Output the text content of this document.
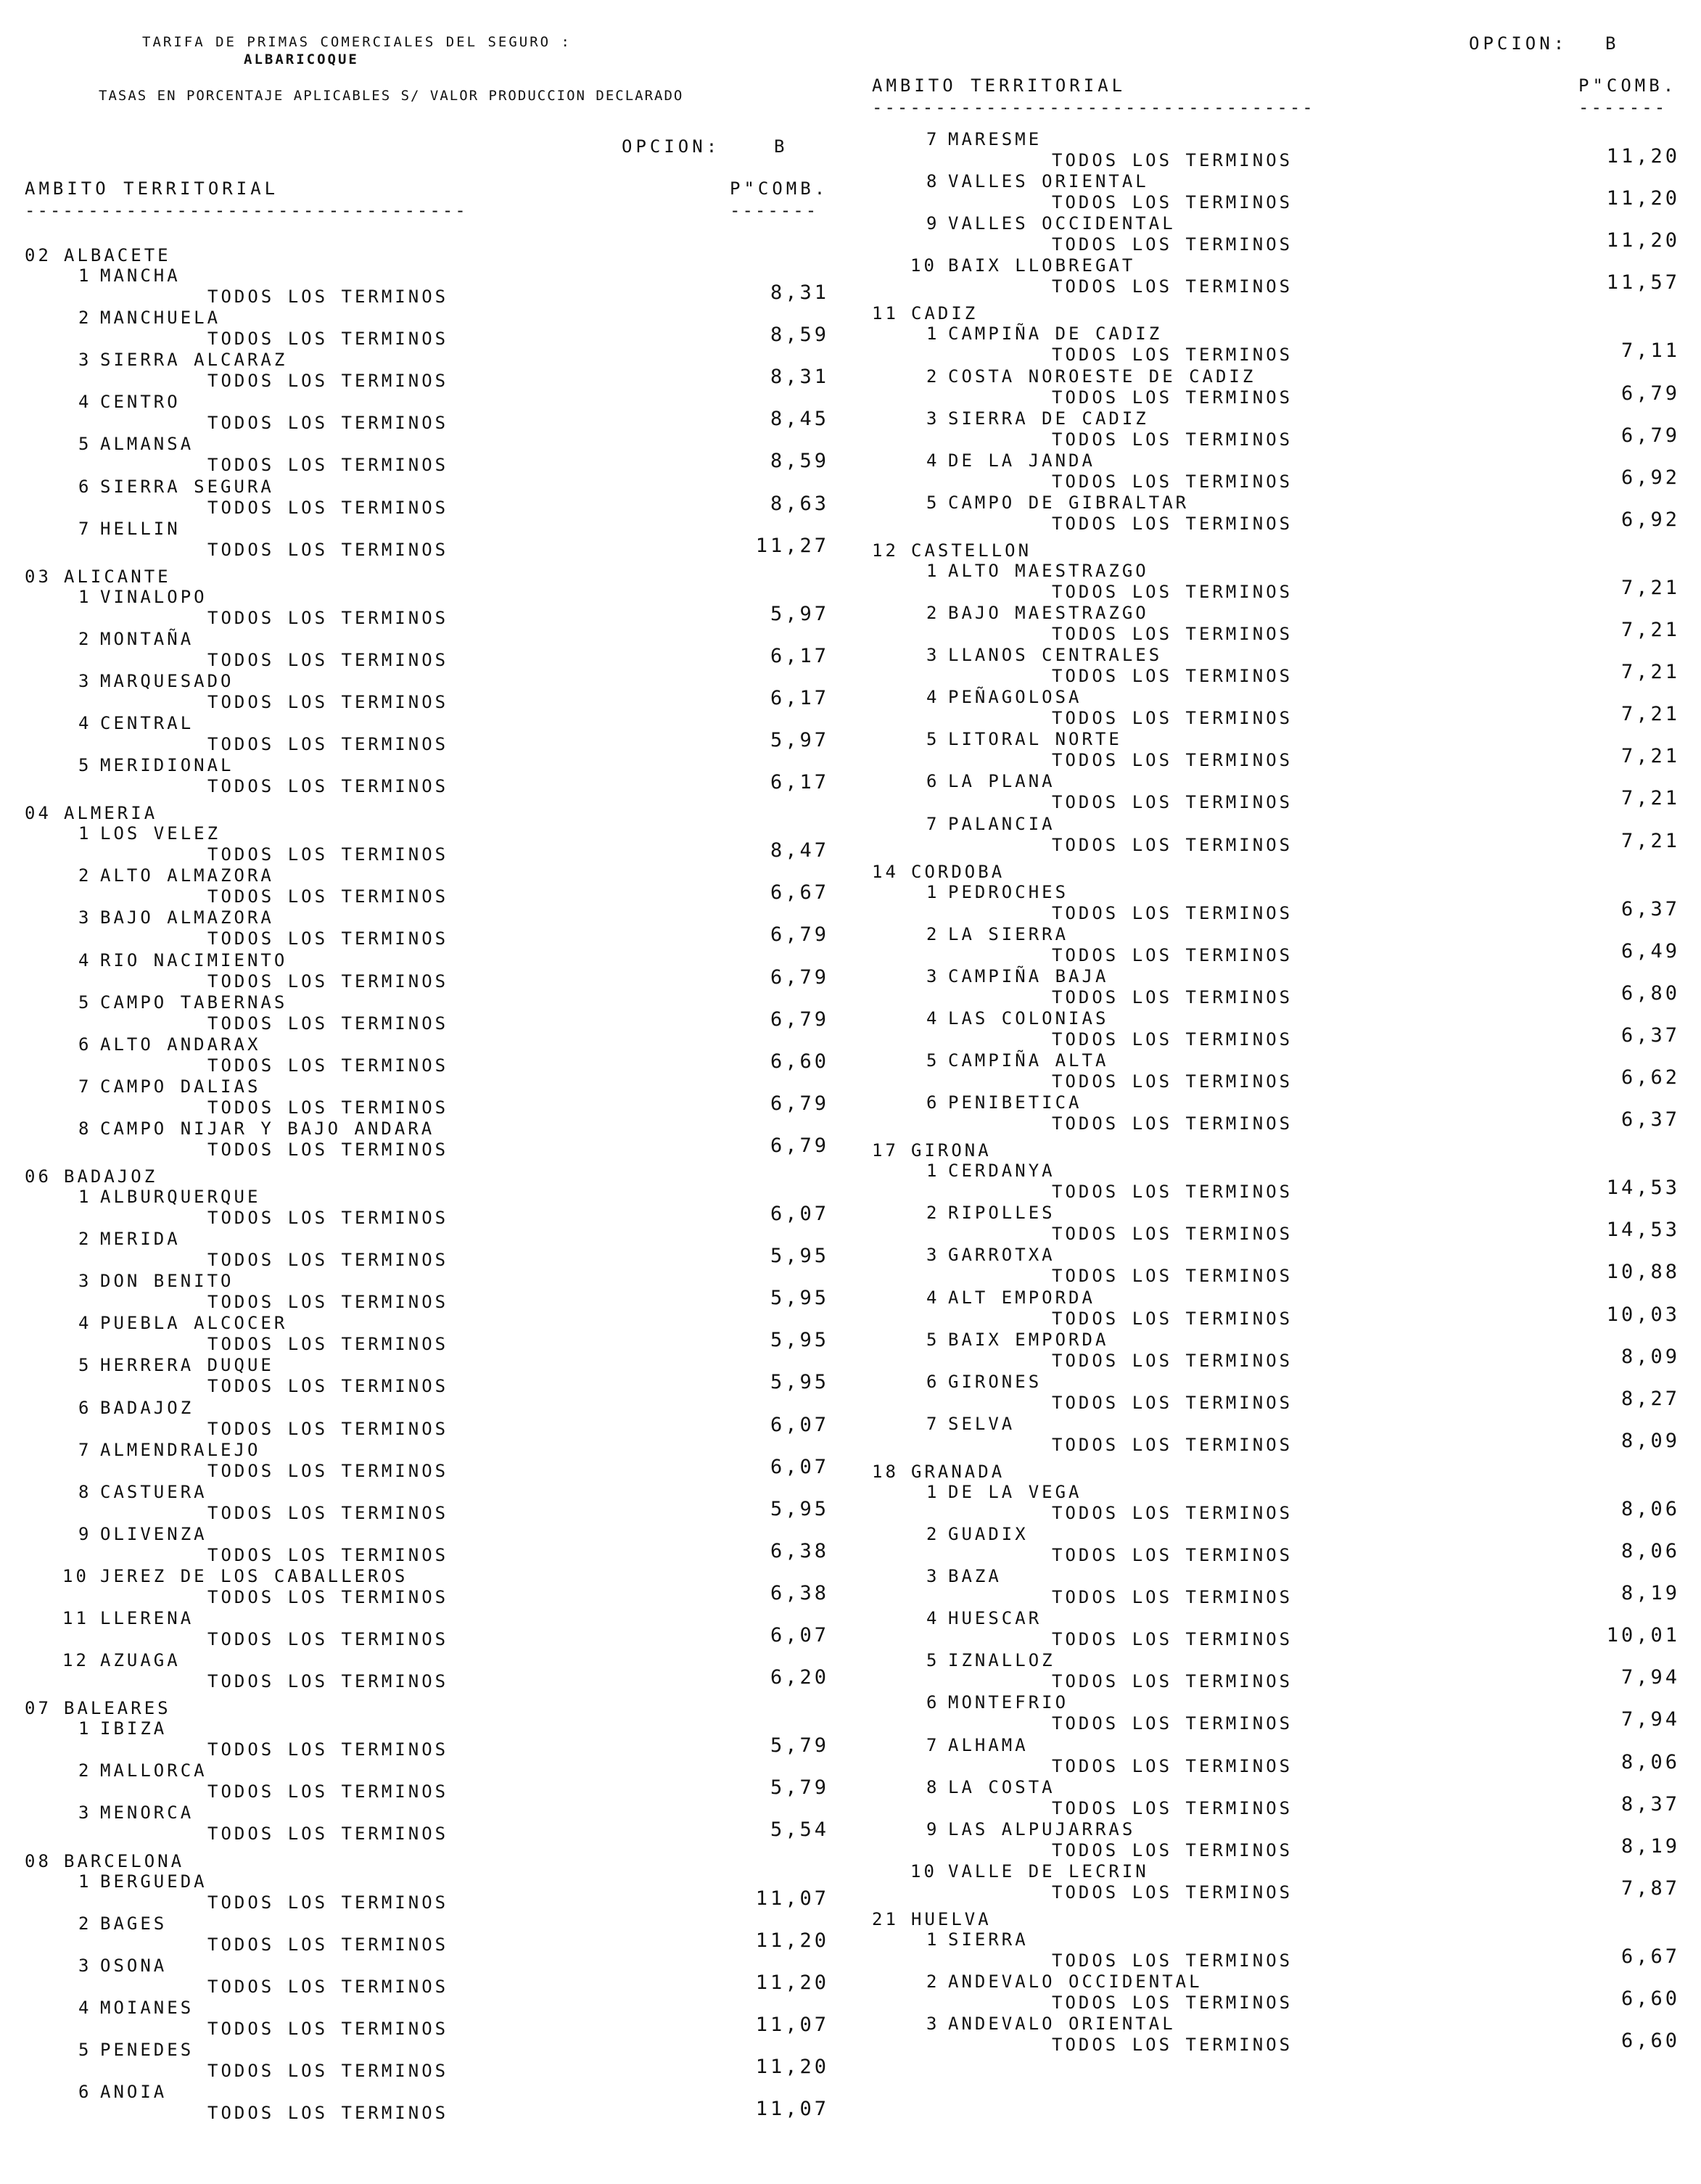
TARIFA DE PRIMAS COMERCIALES DEL SEGURO :
ALBARICOQUE
TASAS EN PORCENTAJE APLICABLES S/ VALOR PRODUCCION DECLARADO
OPCION:	B
AMBITO TERRITORIAL	P"COMB.
-----------------------------------	-------
OPCION: B
AMBITO TERRITORIAL	P"COMB.
-----------------------------------	-------
02 ALBACETE
1 MANCHA
TODOS LOS TERMINOS	8,31
2 MANCHUELA
TODOS LOS TERMINOS	8,59
3 SIERRA ALCARAZ
TODOS LOS TERMINOS	8,31
4 CENTRO
TODOS LOS TERMINOS	8,45
5 ALMANSA
TODOS LOS TERMINOS	8,59
6 SIERRA SEGURA
TODOS LOS TERMINOS	8,63
7 HELLIN
TODOS LOS TERMINOS	11,27
03 ALICANTE
1 VINALOPO
TODOS LOS TERMINOS	5,97
2 MONTAÑA
TODOS LOS TERMINOS	6,17
3 MARQUESADO
TODOS LOS TERMINOS	6,17
4 CENTRAL
TODOS LOS TERMINOS	5,97
5 MERIDIONAL
TODOS LOS TERMINOS	6,17
04 ALMERIA
1 LOS VELEZ
TODOS LOS TERMINOS	8,47
2 ALTO ALMAZORA
TODOS LOS TERMINOS	6,67
3 BAJO ALMAZORA
TODOS LOS TERMINOS	6,79
4 RIO NACIMIENTO
TODOS LOS TERMINOS	6,79
5 CAMPO TABERNAS
TODOS LOS TERMINOS	6,79
6 ALTO ANDARAX
TODOS LOS TERMINOS	6,60
7 CAMPO DALIAS
TODOS LOS TERMINOS	6,79
8 CAMPO NIJAR Y BAJO ANDARA
TODOS LOS TERMINOS	6,79
06 BADAJOZ
1 ALBURQUERQUE
TODOS LOS TERMINOS	6,07
2 MERIDA
TODOS LOS TERMINOS	5,95
3 DON BENITO
TODOS LOS TERMINOS	5,95
4 PUEBLA ALCOCER
TODOS LOS TERMINOS	5,95
5 HERRERA DUQUE
TODOS LOS TERMINOS	5,95
6 BADAJOZ
TODOS LOS TERMINOS	6,07
7 ALMENDRALEJO
TODOS LOS TERMINOS	6,07
8 CASTUERA
TODOS LOS TERMINOS	5,95
9 OLIVENZA
TODOS LOS TERMINOS	6,38
10 JEREZ DE LOS CABALLEROS
TODOS LOS TERMINOS	6,38
11 LLERENA
TODOS LOS TERMINOS	6,07
12 AZUAGA
TODOS LOS TERMINOS	6,20
07 BALEARES
1 IBIZA
TODOS LOS TERMINOS	5,79
2 MALLORCA
TODOS LOS TERMINOS	5,79
3 MENORCA
TODOS LOS TERMINOS	5,54
08 BARCELONA
1 BERGUEDA
TODOS LOS TERMINOS	11,07
2 BAGES
TODOS LOS TERMINOS	11,20
3 OSONA
TODOS LOS TERMINOS	11,20
4 MOIANES
TODOS LOS TERMINOS	11,07
5 PENEDES
TODOS LOS TERMINOS	11,20
6 ANOIA
TODOS LOS TERMINOS	11,07
7 MARESME
TODOS LOS TERMINOS	11,20
8 VALLES ORIENTAL
TODOS LOS TERMINOS	11,20
9 VALLES OCCIDENTAL
TODOS LOS TERMINOS	11,20
10 BAIX LLOBREGAT
TODOS LOS TERMINOS	11,57
11 CADIZ
1 CAMPIÑA DE CADIZ
TODOS LOS TERMINOS	7,11
2 COSTA NOROESTE DE CADIZ
TODOS LOS TERMINOS	6,79
3 SIERRA DE CADIZ
TODOS LOS TERMINOS	6,79
4 DE LA JANDA
TODOS LOS TERMINOS	6,92
5 CAMPO DE GIBRALTAR
TODOS LOS TERMINOS	6,92
12 CASTELLON
1 ALTO MAESTRAZGO
TODOS LOS TERMINOS	7,21
2 BAJO MAESTRAZGO
TODOS LOS TERMINOS	7,21
3 LLANOS CENTRALES
TODOS LOS TERMINOS	7,21
4 PEÑAGOLOSA
TODOS LOS TERMINOS	7,21
5 LITORAL NORTE
TODOS LOS TERMINOS	7,21
6 LA PLANA
TODOS LOS TERMINOS	7,21
7 PALANCIA
TODOS LOS TERMINOS	7,21
14 CORDOBA
1 PEDROCHES
TODOS LOS TERMINOS	6,37
2 LA SIERRA
TODOS LOS TERMINOS	6,49
3 CAMPIÑA BAJA
TODOS LOS TERMINOS	6,80
4 LAS COLONIAS
TODOS LOS TERMINOS	6,37
5 CAMPIÑA ALTA
TODOS LOS TERMINOS	6,62
6 PENIBETICA
TODOS LOS TERMINOS	6,37
17 GIRONA
1 CERDANYA
TODOS LOS TERMINOS	14,53
2 RIPOLLES
TODOS LOS TERMINOS	14,53
3 GARROTXA
TODOS LOS TERMINOS	10,88
4 ALT EMPORDA
TODOS LOS TERMINOS	10,03
5 BAIX EMPORDA
TODOS LOS TERMINOS	8,09
6 GIRONES
TODOS LOS TERMINOS	8,27
7 SELVA
TODOS LOS TERMINOS	8,09
18 GRANADA
1 DE LA VEGA
TODOS LOS TERMINOS	8,06
2 GUADIX
TODOS LOS TERMINOS	8,06
3 BAZA
TODOS LOS TERMINOS	8,19
4 HUESCAR
TODOS LOS TERMINOS	10,01
5 IZNALLOZ
TODOS LOS TERMINOS	7,94
6 MONTEFRIO
TODOS LOS TERMINOS	7,94
7 ALHAMA
TODOS LOS TERMINOS	8,06
8 LA COSTA
TODOS LOS TERMINOS	8,37
9 LAS ALPUJARRAS
TODOS LOS TERMINOS	8,19
10 VALLE DE LECRIN
TODOS LOS TERMINOS	7,87
21 HUELVA
1 SIERRA
TODOS LOS TERMINOS	6,67
2 ANDEVALO OCCIDENTAL
TODOS LOS TERMINOS	6,60
3 ANDEVALO ORIENTAL
TODOS LOS TERMINOS	6,60
